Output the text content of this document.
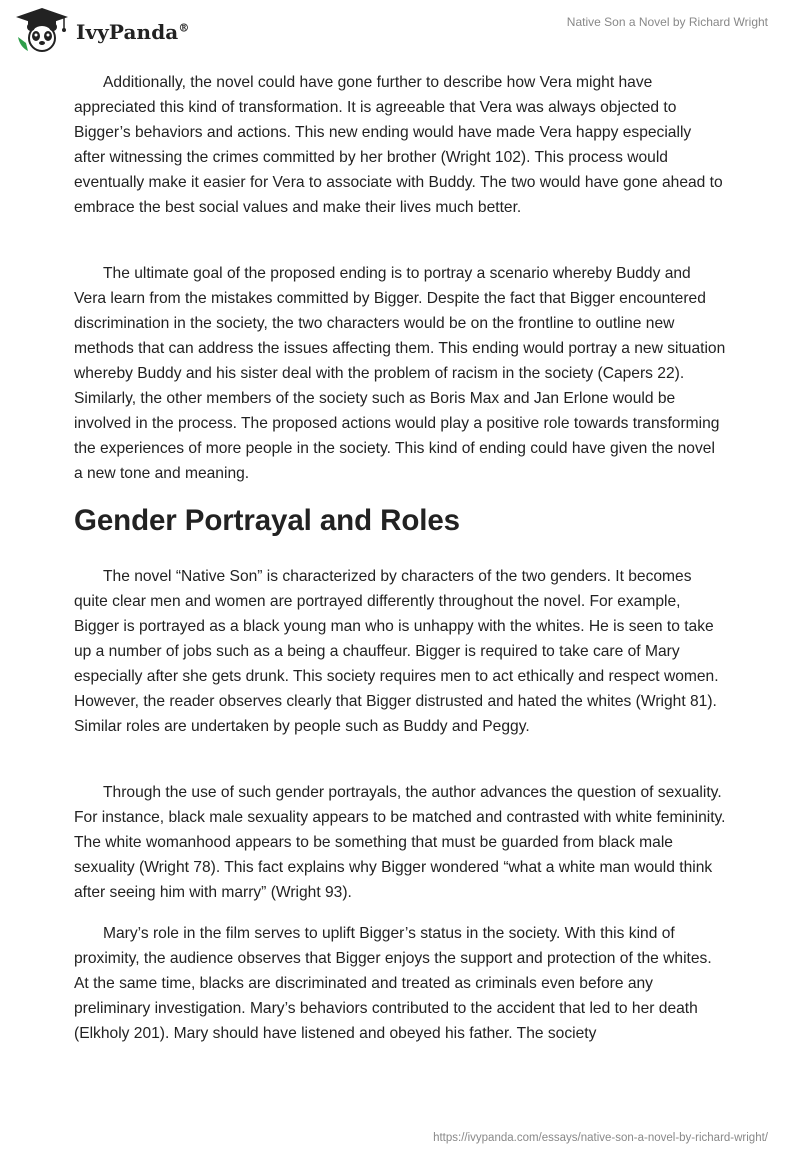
IvyPanda®	Native Son a Novel by Richard Wright

Additionally, the novel could have gone further to describe how Vera might have appreciated this kind of transformation. It is agreeable that Vera was always objected to Bigger’s behaviors and actions. This new ending would have made Vera happy especially after witnessing the crimes committed by her brother (Wright 102). This process would eventually make it easier for Vera to associate with Buddy. The two would have gone ahead to embrace the best social values and make their lives much better.

The ultimate goal of the proposed ending is to portray a scenario whereby Buddy and Vera learn from the mistakes committed by Bigger. Despite the fact that Bigger encountered discrimination in the society, the two characters would be on the frontline to outline new methods that can address the issues affecting them. This ending would portray a new situation whereby Buddy and his sister deal with the problem of racism in the society (Capers 22). Similarly, the other members of the society such as Boris Max and Jan Erlone would be involved in the process. The proposed actions would play a positive role towards transforming the experiences of more people in the society. This kind of ending could have given the novel a new tone and meaning.

Gender Portrayal and Roles

The novel “Native Son” is characterized by characters of the two genders. It becomes quite clear men and women are portrayed differently throughout the novel. For example, Bigger is portrayed as a black young man who is unhappy with the whites. He is seen to take up a number of jobs such as a being a chauffeur. Bigger is required to take care of Mary especially after she gets drunk. This society requires men to act ethically and respect women. However, the reader observes clearly that Bigger distrusted and hated the whites (Wright 81). Similar roles are undertaken by people such as Buddy and Peggy.

Through the use of such gender portrayals, the author advances the question of sexuality. For instance, black male sexuality appears to be matched and contrasted with white femininity. The white womanhood appears to be something that must be guarded from black male sexuality (Wright 78). This fact explains why Bigger wondered “what a white man would think after seeing him with marry” (Wright 93).

Mary’s role in the film serves to uplift Bigger’s status in the society. With this kind of proximity, the audience observes that Bigger enjoys the support and protection of the whites. At the same time, blacks are discriminated and treated as criminals even before any preliminary investigation. Mary’s behaviors contributed to the accident that led to her death (Elkholy 201). Mary should have listened and obeyed his father. The society

https://ivypanda.com/essays/native-son-a-novel-by-richard-wright/
